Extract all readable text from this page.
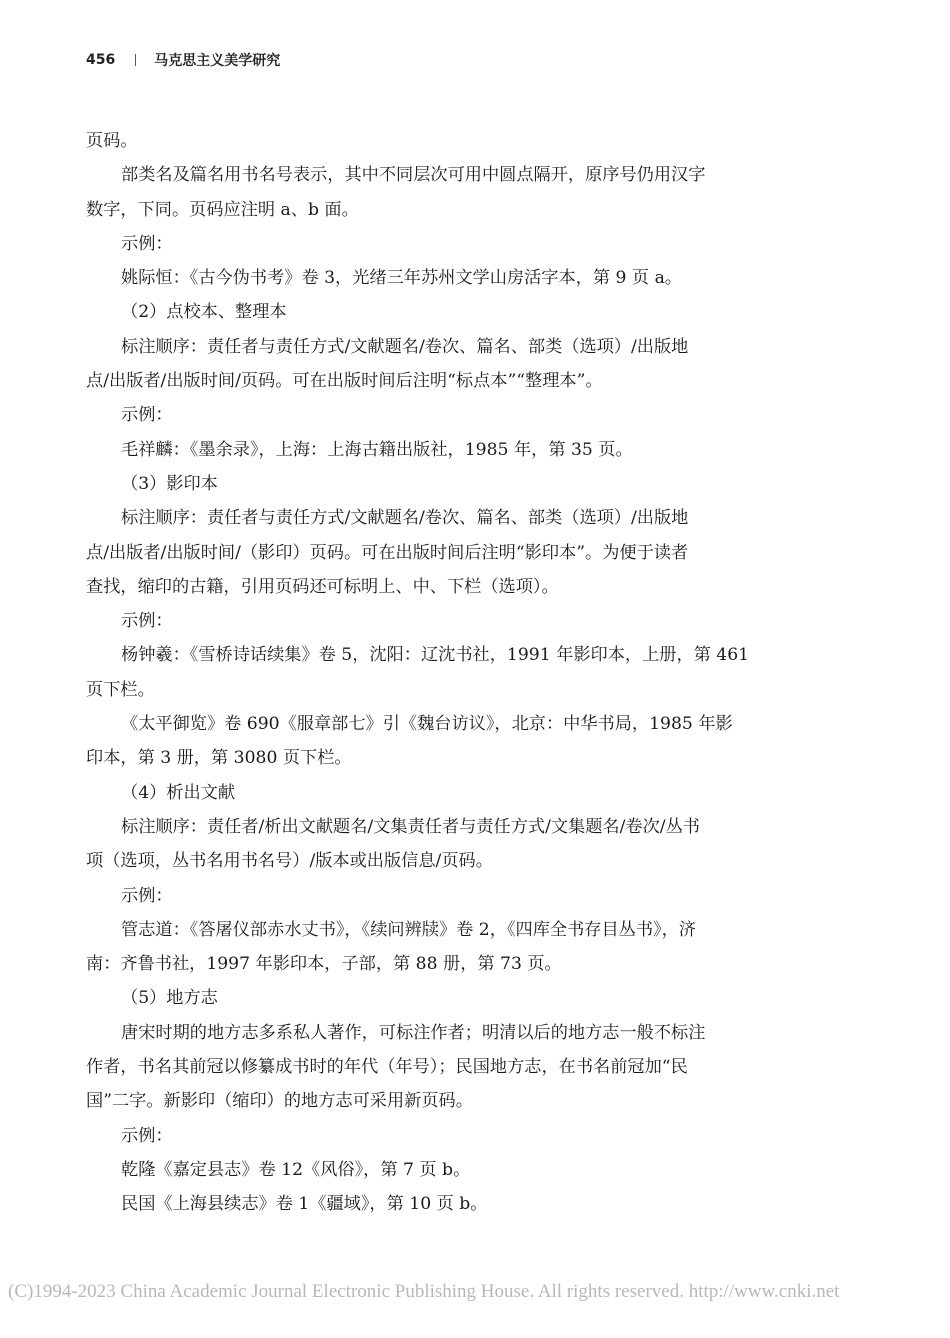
456	马克思主义美学研究

页码。

部类名及篇名用书名号表示，其中不同层次可用中圆点隔开，原序号仍用汉字

数字，下同。页码应注明 a、b 面。

示例：

姚际恒：《古今伪书考》卷 3，光绪三年苏州文学山房活字本，第 9 页 a。

（2）点校本、整理本

标注顺序：责任者与责任方式/文献题名/卷次、篇名、部类（选项）/出版地

点/出版者/出版时间/页码。可在出版时间后注明“标点本”“整理本”。

示例：

毛祥麟：《墨余录》，上海：上海古籍出版社，1985 年，第 35 页。

（3）影印本

标注顺序：责任者与责任方式/文献题名/卷次、篇名、部类（选项）/出版地

点/出版者/出版时间/（影印）页码。可在出版时间后注明“影印本”。为便于读者

查找，缩印的古籍，引用页码还可标明上、中、下栏（选项）。

示例：

杨钟羲：《雪桥诗话续集》卷 5，沈阳：辽沈书社，1991 年影印本，上册，第 461

页下栏。

《太平御览》卷 690《服章部七》引《魏台访议》，北京：中华书局，1985 年影

印本，第 3 册，第 3080 页下栏。

（4）析出文献

标注顺序：责任者/析出文献题名/文集责任者与责任方式/文集题名/卷次/丛书

项（选项，丛书名用书名号）/版本或出版信息/页码。

示例：

管志道：《答屠仪部赤水丈书》，《续问辨牍》卷 2，《四库全书存目丛书》，济

南：齐鲁书社，1997 年影印本，子部，第 88 册，第 73 页。

（5）地方志

唐宋时期的地方志多系私人著作，可标注作者；明清以后的地方志一般不标注

作者，书名其前冠以修纂成书时的年代（年号）；民国地方志，在书名前冠加“民

国”二字。新影印（缩印）的地方志可采用新页码。

示例：

乾隆《嘉定县志》卷 12《风俗》，第 7 页 b。

民国《上海县续志》卷 1《疆域》，第 10 页 b。

(C)1994-2023 China Academic Journal Electronic Publishing House. All rights reserved. http://www.cnki.net
